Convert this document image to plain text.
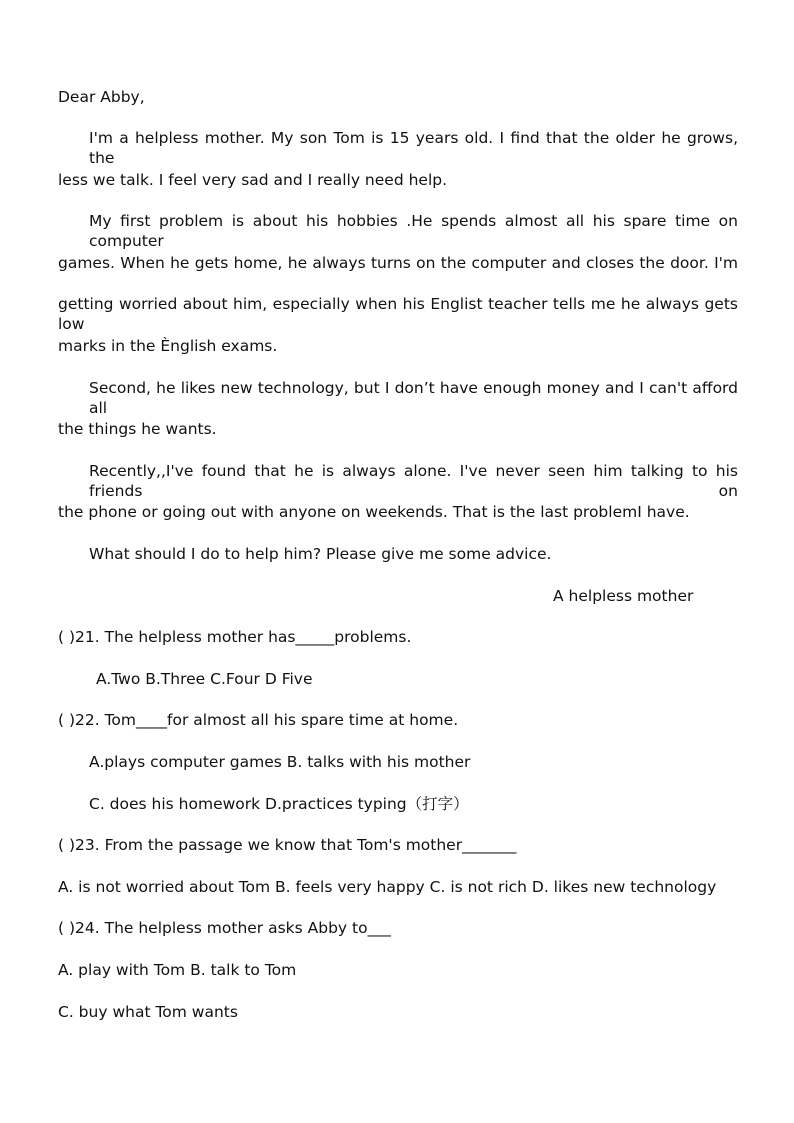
Dear Abby,
I'm a helpless mother. My son Tom is 15 years old. I find that the older he grows, the
less we talk. I feel very sad and I really need help.
My first problem is about his hobbies .He spends almost all his spare time on computer
games. When he gets home, he always turns on the computer and closes the door. I'm
getting worried about him, especially when his Englist teacher tells me he always gets low
marks in the Ènglish exams.
Second, he likes new technology, but I don’t have enough money and I can't afford all
the things he wants.
Recently,,I've found that he is always alone. I've never seen him talking to his friends on
the phone or going out with anyone on weekends. That is the last problemI have.
What should I do to help him? Please give me some advice.
A helpless mother
( )21. The helpless mother has_____problems.
A.Two B.Three C.Four D Five
( )22. Tom____for almost all his spare time at home.
A.plays computer games B. talks with his mother
C. does his homework D.practices typing（打字）
( )23. From the passage we know that Tom's mother_______
A. is not worried about Tom B. feels very happy C. is not rich D. likes new technology
( )24. The helpless mother asks Abby to___
A. play with Tom B. talk to Tom
C. buy what Tom wants
